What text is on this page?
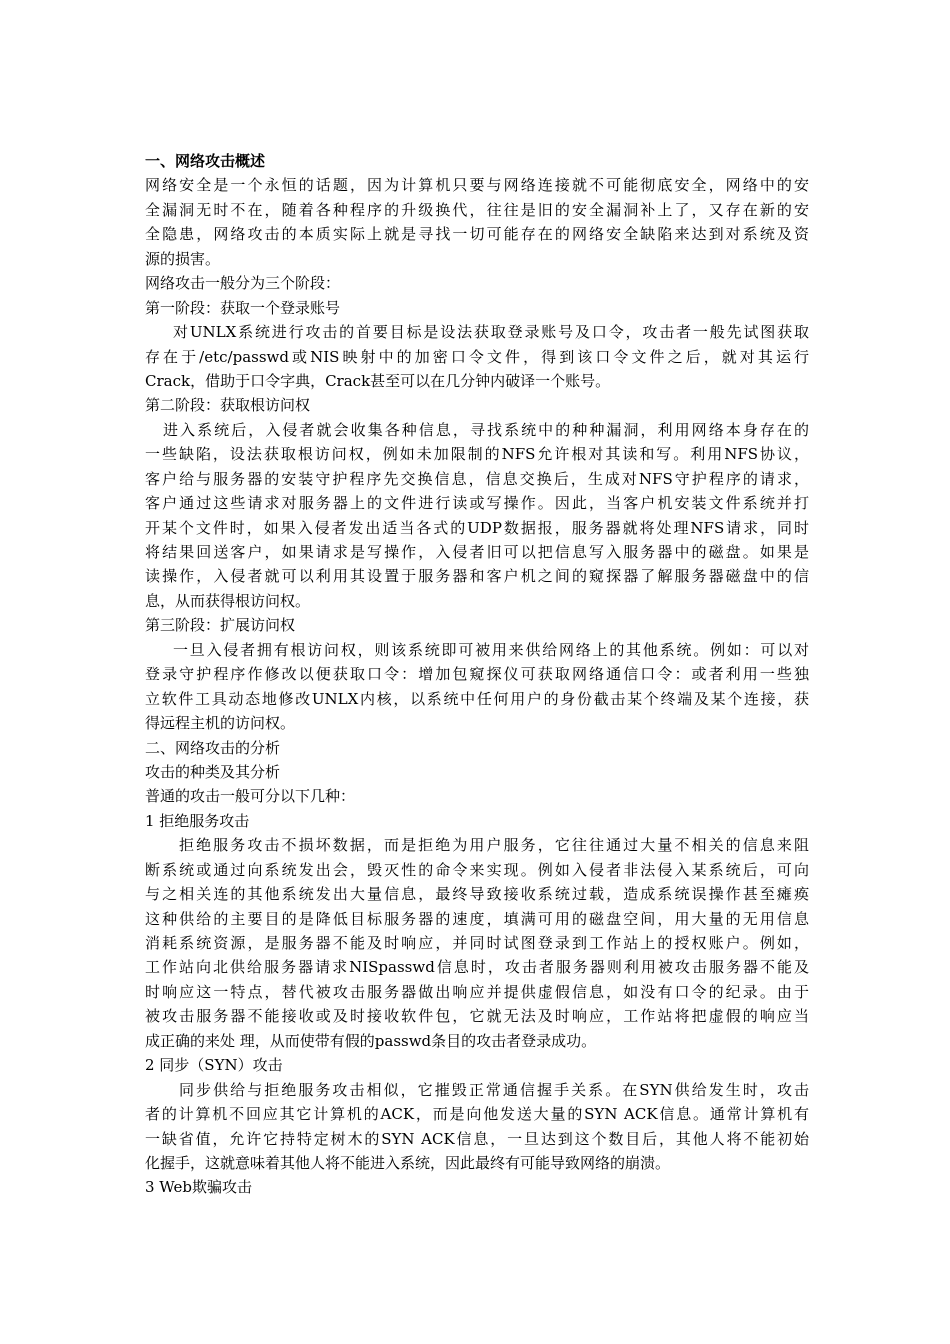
一、网络攻击概述
网络安全是一个永恒的话题，因为计算机只要与网络连接就不可能彻底安全，网络中的安
全漏洞无时不在，随着各种程序的升级换代，往往是旧的安全漏洞补上了，又存在新的安
全隐患，网络攻击的本质实际上就是寻找一切可能存在的网络安全缺陷来达到对系统及资
源的损害。
网络攻击一般分为三个阶段：
第一阶段：获取一个登录账号
对UNLX系统进行攻击的首要目标是设法获取登录账号及口令，攻击者一般先试图获取
存在于/etc/passwd或NIS映射中的加密口令文件，得到该口令文件之后，就对其运行
Crack，借助于口令字典，Crack甚至可以在几分钟内破译一个账号。
第二阶段：获取根访问权
进入系统后，入侵者就会收集各种信息，寻找系统中的种种漏洞，利用网络本身存在的
一些缺陷，设法获取根访问权，例如未加限制的NFS允许根对其读和写。利用NFS协议，
客户给与服务器的安装守护程序先交换信息，信息交换后，生成对NFS守护程序的请求，
客户通过这些请求对服务器上的文件进行读或写操作。因此，当客户机安装文件系统并打
开某个文件时，如果入侵者发出适当各式的UDP数据报，服务器就将处理NFS请求，同时
将结果回送客户，如果请求是写操作，入侵者旧可以把信息写入服务器中的磁盘。如果是
读操作，入侵者就可以利用其设置于服务器和客户机之间的窥探器了解服务器磁盘中的信
息，从而获得根访问权。
第三阶段：扩展访问权
一旦入侵者拥有根访问权，则该系统即可被用来供给网络上的其他系统。例如：可以对
登录守护程序作修改以便获取口令：增加包窥探仪可获取网络通信口令：或者利用一些独
立软件工具动态地修改UNLX内核，以系统中任何用户的身份截击某个终端及某个连接，获
得远程主机的访问权。
二、网络攻击的分析
攻击的种类及其分析
普通的攻击一般可分以下几种：
1 拒绝服务攻击
拒绝服务攻击不损坏数据，而是拒绝为用户服务，它往往通过大量不相关的信息来阻
断系统或通过向系统发出会，毁灭性的命令来实现。例如入侵者非法侵入某系统后，可向
与之相关连的其他系统发出大量信息，最终导致接收系统过载，造成系统误操作甚至瘫痪
这种供给的主要目的是降低目标服务器的速度，填满可用的磁盘空间，用大量的无用信息
消耗系统资源，是服务器不能及时响应，并同时试图登录到工作站上的授权账户。例如，
工作站向北供给服务器请求NISpasswd信息时，攻击者服务器则利用被攻击服务器不能及
时响应这一特点，替代被攻击服务器做出响应并提供虚假信息，如没有口令的纪录。由于
被攻击服务器不能接收或及时接收软件包，它就无法及时响应，工作站将把虚假的响应当
成正确的来处 理，从而使带有假的passwd条目的攻击者登录成功。
2 同步（SYN）攻击
同步供给与拒绝服务攻击相似，它摧毁正常通信握手关系。在SYN供给发生时，攻击
者的计算机不回应其它计算机的ACK，而是向他发送大量的SYN ACK信息。通常计算机有
一缺省值，允许它持特定树木的SYN ACK信息，一旦达到这个数目后，其他人将不能初始
化握手，这就意味着其他人将不能进入系统，因此最终有可能导致网络的崩溃。
3 Web欺骗攻击
